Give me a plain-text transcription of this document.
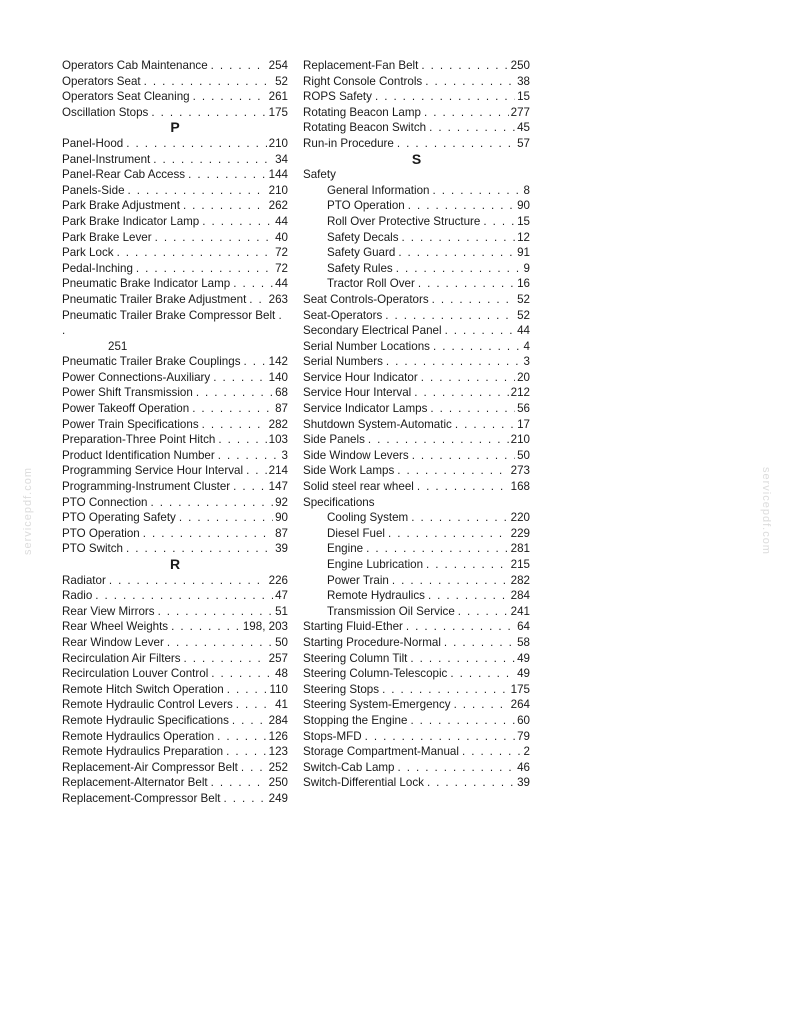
servicepdf.com	servicepdf.com
Operators Cab Maintenance . . .	254
Operators Seat . . .	52
Operators Seat Cleaning . . .	261
Oscillation Stops . . .	175
P
Panel-Hood . . .	210
Panel-Instrument . . .	34
Panel-Rear Cab Access . . .	144
Panels-Side . . .	210
Park Brake Adjustment . . .	262
Park Brake Indicator Lamp . . .	44
Park Brake Lever . . .	40
Park Lock . . .	72
Pedal-Inching . . .	72
Pneumatic Brake Indicator Lamp . . .	44
Pneumatic Trailer Brake Adjustment . . . 263
Pneumatic Trailer Brake Compressor Belt . .
251
Pneumatic Trailer Brake Couplings . . . 142
Power Connections-Auxiliary . . .	140
Power Shift Transmission . . .	68
Power Takeoff Operation . . .	87
Power Train Specifications . . .	282
Preparation-Three Point Hitch . . .	103
Product Identification Number . . .	3
Programming Service Hour Interval . . . 214
Programming-Instrument Cluster . . .	147
PTO Connection . . .	92
PTO Operating Safety . . .	90
PTO Operation . . .	87
PTO Switch . . .	39
R
Radiator . . .	226
Radio . . .	47
Rear View Mirrors . . .	51
Rear Wheel Weights . . .	198, 203
Rear Window Lever . . .	50
Recirculation Air Filters . . .	257
Recirculation Louver Control . . .	48
Remote Hitch Switch Operation . . .	110
Remote Hydraulic Control Levers . . .	41
Remote Hydraulic Specifications . . .	284
Remote Hydraulics Operation . . .	126
Remote Hydraulics Preparation . . .	123
Replacement-Air Compressor Belt . . .	252
Replacement-Alternator Belt . . .	250
Replacement-Compressor Belt . . .	249
Replacement-Fan Belt . . .	250
Right Console Controls . . .	38
ROPS Safety . . .	15
Rotating Beacon Lamp . . .	277
Rotating Beacon Switch . . .	45
Run-in Procedure . . .	57
S
Safety
General Information . . .	8
PTO Operation . . .	90
Roll Over Protective Structure . . .	15
Safety Decals . . .	12
Safety Guard . . .	91
Safety Rules . . .	9
Tractor Roll Over . . .	16
Seat Controls-Operators . . .	52
Seat-Operators . . .	52
Secondary Electrical Panel . . .	44
Serial Number Locations . . .	4
Serial Numbers . . .	3
Service Hour Indicator . . .	20
Service Hour Interval . . .	212
Service Indicator Lamps . . .	56
Shutdown System-Automatic . . .	17
Side Panels . . .	210
Side Window Levers . . .	50
Side Work Lamps . . .	273
Solid steel rear wheel . . .	168
Specifications
Cooling System . . .	220
Diesel Fuel . . .	229
Engine . . .	281
Engine Lubrication . . .	215
Power Train . . .	282
Remote Hydraulics . . .	284
Transmission Oil Service . . .	241
Starting Fluid-Ether . . .	64
Starting Procedure-Normal . . .	58
Steering Column Tilt . . .	49
Steering Column-Telescopic . . .	49
Steering Stops . . .	175
Steering System-Emergency . . .	264
Stopping the Engine . . .	60
Stops-MFD . . .	79
Storage Compartment-Manual . . .	2
Switch-Cab Lamp . . .	46
Switch-Differential Lock . . .	39
